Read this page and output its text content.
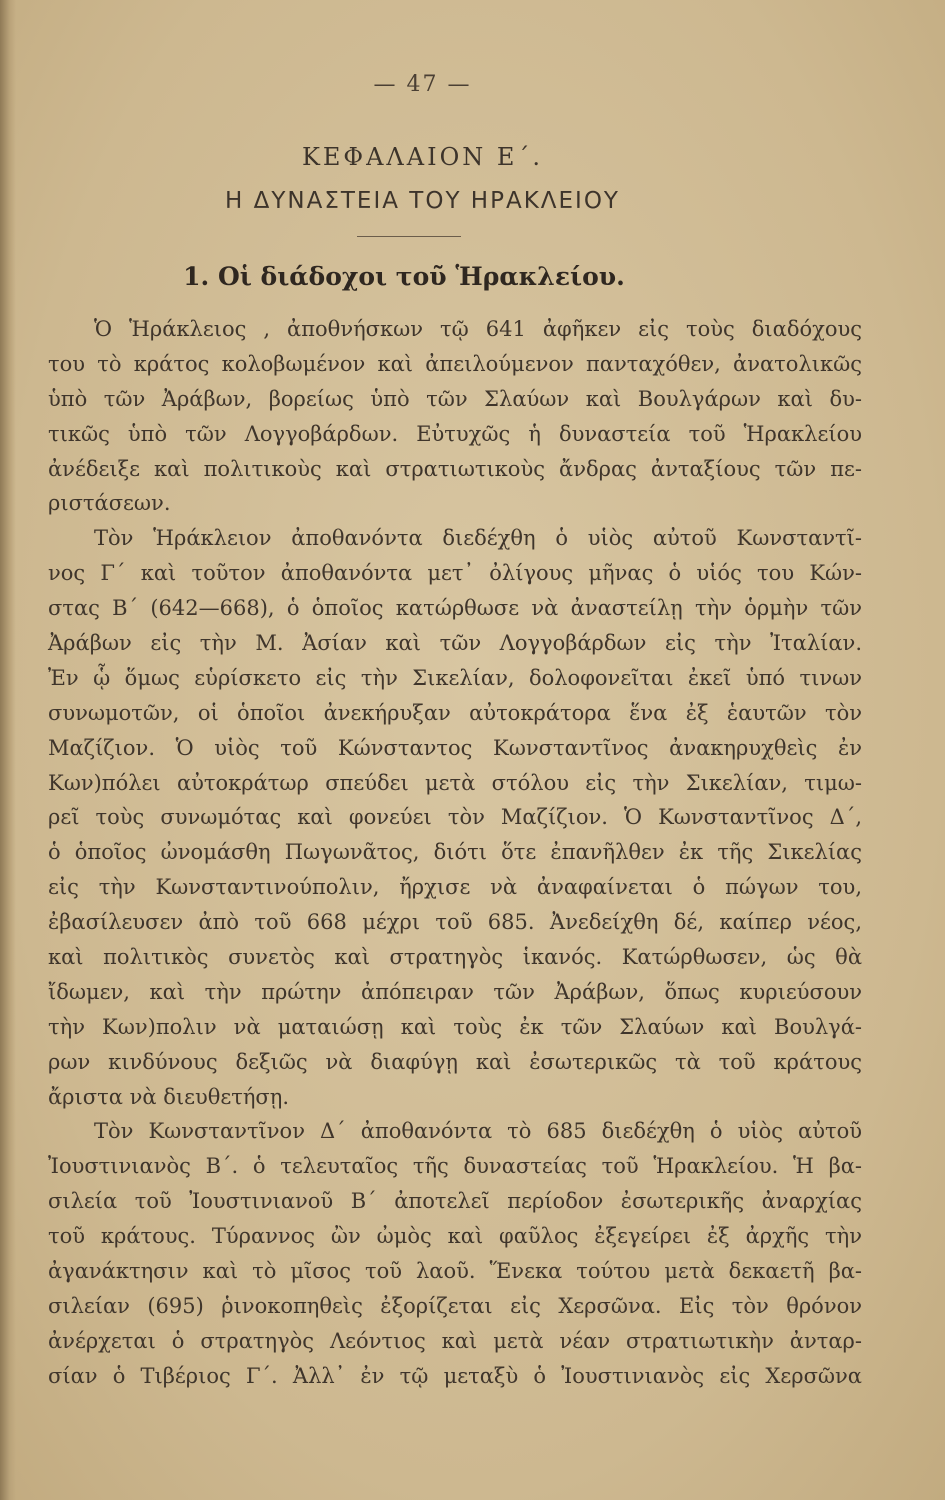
— 47 —
ΚΕΦΑΛΑΙΟΝ Ε΄.
Η ΔΥΝΑΣΤΕΙΑ ΤΟΥ ΗΡΑΚΛΕΙΟΥ
1. Οἱ διάδοχοι τοῦ Ἡρακλείου.
Ὁ Ἡράκλειος , ἀποθνήσκων τῷ 641 ἀφῆκεν εἰς τοὺς διαδόχους
του τὸ κράτος κολοβωμένον καὶ ἀπειλούμενον πανταχόθεν, ἀνατολικῶς
ὑπὸ τῶν Ἀράβων, βορείως ὑπὸ τῶν Σλαύων καὶ Βουλγάρων καὶ δυ-
τικῶς ὑπὸ τῶν Λογγοβάρδων. Εὐτυχῶς ἡ δυναστεία τοῦ Ἡρακλείου
ἀνέδειξε καὶ πολιτικοὺς καὶ στρατιωτικοὺς ἄνδρας ἀνταξίους τῶν πε-
ριστάσεων.
Τὸν Ἡράκλειον ἀποθανόντα διεδέχθη ὁ υἱὸς αὐτοῦ Κωνσταντῖ-
νος Γ΄ καὶ τοῦτον ἀποθανόντα μετ᾽ ὀλίγους μῆνας ὁ υἱός του Κών-
στας Β΄ (642—668), ὁ ὁποῖος κατώρθωσε νὰ ἀναστείλῃ τὴν ὁρμὴν τῶν
Ἀράβων εἰς τὴν Μ. Ἀσίαν καὶ τῶν Λογγοβάρδων εἰς τὴν Ἰταλίαν.
Ἐν ᾧ ὅμως εὑρίσκετο εἰς τὴν Σικελίαν, δολοφονεῖται ἐκεῖ ὑπό τινων
συνωμοτῶν, οἱ ὁποῖοι ἀνεκήρυξαν αὐτοκράτορα ἕνα ἐξ ἑαυτῶν τὸν
Μαζίζιον. Ὁ υἱὸς τοῦ Κώνσταντος Κωνσταντῖνος ἀνακηρυχθεὶς ἐν
Κων)πόλει αὐτοκράτωρ σπεύδει μετὰ στόλου εἰς τὴν Σικελίαν, τιμω-
ρεῖ τοὺς συνωμότας καὶ φονεύει τὸν Μαζίζιον. Ὁ Κωνσταντῖνος Δ΄,
ὁ ὁποῖος ὠνομάσθη Πωγωνᾶτος, διότι ὅτε ἐπανῆλθεν ἐκ τῆς Σικελίας
εἰς τὴν Κωνσταντινούπολιν, ἤρχισε νὰ ἀναφαίνεται ὁ πώγων του,
ἐβασίλευσεν ἀπὸ τοῦ 668 μέχρι τοῦ 685. Ἀνεδείχθη δέ, καίπερ νέος,
καὶ πολιτικὸς συνετὸς καὶ στρατηγὸς ἱκανός. Κατώρθωσεν, ὡς θὰ
ἴδωμεν, καὶ τὴν πρώτην ἀπόπειραν τῶν Ἀράβων, ὅπως κυριεύσουν
τὴν Κων)πολιν νὰ ματαιώσῃ καὶ τοὺς ἐκ τῶν Σλαύων καὶ Βουλγά-
ρων κινδύνους δεξιῶς νὰ διαφύγῃ καὶ ἐσωτερικῶς τὰ τοῦ κράτους
ἄριστα νὰ διευθετήσῃ.
Τὸν Κωνσταντῖνον Δ΄ ἀποθανόντα τὸ 685 διεδέχθη ὁ υἱὸς αὐτοῦ
Ἰουστινιανὸς Β΄. ὁ τελευταῖος τῆς δυναστείας τοῦ Ἡρακλείου. Ἡ βα-
σιλεία τοῦ Ἰουστινιανοῦ Β΄ ἀποτελεῖ περίοδον ἐσωτερικῆς ἀναρχίας
τοῦ κράτους. Τύραννος ὢν ὠμὸς καὶ φαῦλος ἐξεγείρει ἐξ ἀρχῆς τὴν
ἀγανάκτησιν καὶ τὸ μῖσος τοῦ λαοῦ. Ἕνεκα τούτου μετὰ δεκαετῆ βα-
σιλείαν (695) ῥινοκοπηθεὶς ἐξορίζεται εἰς Χερσῶνα. Εἰς τὸν θρόνον
ἀνέρχεται ὁ στρατηγὸς Λεόντιος καὶ μετὰ νέαν στρατιωτικὴν ἀνταρ-
σίαν ὁ Τιβέριος Γ΄. Ἀλλ᾽ ἐν τῷ μεταξὺ ὁ Ἰουστινιανὸς εἰς Χερσῶνα
